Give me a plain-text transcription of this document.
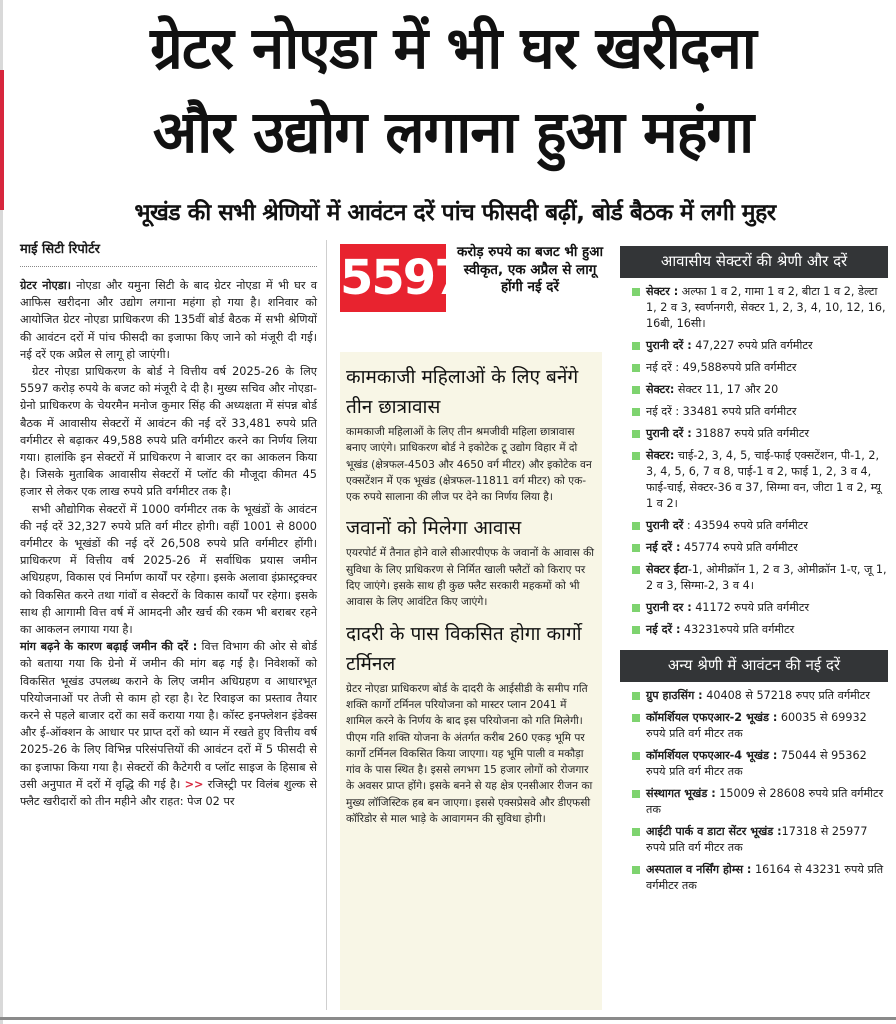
ग्रेटर नोएडा में भी घर खरीदना
और उद्योग लगाना हुआ महंगा
भूखंड की सभी श्रेणियों में आवंटन दरें पांच फीसदी बढ़ीं, बोर्ड बैठक में लगी मुहर
माई सिटी रिपोर्टर

ग्रेटर नोएडा। नोएडा और यमुना सिटी के बाद ग्रेटर नोएडा में भी घर व आफिस खरीदना और उद्योग लगाना महंगा हो गया है। शनिवार को आयोजित ग्रेटर नोएडा प्राधिकरण की 135वीं बोर्ड बैठक में सभी श्रेणियों की आवंटन दरों में पांच फीसदी का इजाफा किए जाने को मंजूरी दी गई। नई दरें एक अप्रैल से लागू हो जाएंगी।

ग्रेटर नोएडा प्राधिकरण के बोर्ड ने वित्तीय वर्ष 2025-26 के लिए 5597 करोड़ रुपये के बजट को मंजूरी दे दी है। मुख्य सचिव और नोएडा- ग्रेनो प्राधिकरण के चेयरमैन मनोज कुमार सिंह की अध्यक्षता में संपन्न बोर्ड बैठक में आवासीय सेक्टरों में आवंटन की नई दरें 33,481 रुपये प्रति वर्गमीटर से बढ़ाकर 49,588 रुपये प्रति वर्गमीटर करने का निर्णय लिया गया। हालांकि इन सेक्टरों में प्राधिकरण ने बाजार दर का आकलन किया है। जिसके मुताबिक आवासीय सेक्टरों में प्लॉट की मौजूदा कीमत 45 हजार से लेकर एक लाख रुपये प्रति वर्गमीटर तक है।

सभी औद्योगिक सेक्टरों में 1000 वर्गमीटर तक के भूखंडों के आवंटन की नई दरें 32,327 रुपये प्रति वर्ग मीटर होगी। वहीं 1001 से 8000 वर्गमीटर के भूखंडों की नई दरें 26,508 रुपये प्रति वर्गमीटर होंगी। प्राधिकरण में वित्तीय वर्ष 2025-26 में सर्वाधिक प्रयास जमीन अधिग्रहण, विकास एवं निर्माण कार्यों पर रहेगा। इसके अलावा इंफ्रास्ट्रक्चर को विकसित करने तथा गांवों व सेक्टरों के विकास कार्यों पर रहेगा। इसके साथ ही आगामी वित्त वर्ष में आमदनी और खर्च की रकम भी बराबर रहने का आकलन लगाया गया है।

मांग बढ़ने के कारण बढ़ाई जमीन की दरें : वित्त विभाग की ओर से बोर्ड को बताया गया कि ग्रेनो में जमीन की मांग बढ़ गई है। निवेशकों को विकसित भूखंड उपलब्ध कराने के लिए जमीन अधिग्रहण व आधारभूत परियोजनाओं पर तेजी से काम हो रहा है। रेट रिवाइज का प्रस्ताव तैयार करने से पहले बाजार दरों का सर्वे कराया गया है। कॉस्ट इनफ्लेशन इंडेक्स और ई-ऑक्शन के आधार पर प्राप्त दरों को ध्यान में रखते हुए वित्तीय वर्ष 2025-26 के लिए विभिन्न परिसंपत्तियों की आवंटन दरों में 5 फीसदी से का इजाफा किया गया है। सेक्टरों की कैटेगरी व प्लॉट साइज के हिसाब से उसी अनुपात में दरों में वृद्धि की गई है। >> रजिस्ट्री पर विलंब शुल्क से फ्लैट खरीदारों को तीन महीने और राहत: पेज 02 पर

5597
करोड़ रुपये का बजट भी हुआ स्वीकृत, एक अप्रैल से लागू होंगी नई दरें
कामकाजी महिलाओं के लिए बनेंगे तीन छात्रावास

कामकाजी महिलाओं के लिए तीन श्रमजीवी महिला छात्रावास बनाए जाएंगे। प्राधिकरण बोर्ड ने इकोटेक टू उद्योग विहार में दो भूखंड (क्षेत्रफल-4503 और 4650 वर्ग मीटर) और इकोटेक वन एक्सटेंशन में एक भूखंड (क्षेत्रफल-11811 वर्ग मीटर) को एक-एक रुपये सालाना की लीज पर देने का निर्णय लिया है।

जवानों को मिलेगा आवास

एयरपोर्ट में तैनात होने वाले सीआरपीएफ के जवानों के आवास की सुविधा के लिए प्राधिकरण से निर्मित खाली फ्लैटों को किराए पर दिए जाएंगे। इसके साथ ही कुछ फ्लैट सरकारी महकमों को भी आवास के लिए आवंटित किए जाएंगे।

दादरी के पास विकसित होगा कार्गो टर्मिनल

ग्रेटर नोएडा प्राधिकरण बोर्ड के दादरी के आईसीडी के समीप गति शक्ति कार्गो टर्मिनल परियोजना को मास्टर प्लान 2041 में शामिल करने के निर्णय के बाद इस परियोजना को गति मिलेगी। पीएम गति शक्ति योजना के अंतर्गत करीब 260 एकड़ भूमि पर कार्गो टर्मिनल विकसित किया जाएगा। यह भूमि पाली व मकौड़ा गांव के पास स्थित है। इससे लगभग 15 हजार लोगों को रोजगार के अवसर प्राप्त होंगे। इसके बनने से यह क्षेत्र एनसीआर रीजन का मुख्य लॉजिस्टिक हब बन जाएगा। इससे एक्सप्रेसवे और डीएफसी कॉरिडोर से माल भाड़े के आवागमन की सुविधा होगी।

आवासीय सेक्टरों की श्रेणी और दरें
सेक्टर : अल्फा 1 व 2, गामा 1 व 2, बीटा 1 व 2, डेल्टा 1, 2 व 3, स्वर्णनगरी, सेक्टर 1, 2, 3, 4, 10, 12, 16, 16बी, 16सी।
पुरानी दरें : 47,227 रुपये प्रति वर्गमीटर
नई दरें : 49,588रुपये प्रति वर्गमीटर
सेक्टर: सेक्टर 11, 17 और 20
नई दरें : 33481 रुपये प्रति वर्गमीटर
पुरानी दरें : 31887 रुपये प्रति वर्गमीटर
सेक्टर: चाई-2, 3, 4, 5, चाई-फाई एक्सटेंशन, पी-1, 2, 3, 4, 5, 6, 7 व 8, पाई-1 व 2, फाई 1, 2, 3 व 4, फाई-चाई, सेक्टर-36 व 37, सिग्मा वन, जीटा 1 व 2, म्यू 1 व 2।
पुरानी दरें : 43594 रुपये प्रति वर्गमीटर
नई दरें : 45774 रुपये प्रति वर्गमीटर
सेक्टर ईटा-1, ओमीक्रॉन 1, 2 व 3, ओमीक्रॉन 1-ए, जू 1, 2 व 3, सिग्मा-2, 3 व 4।
पुरानी दर : 41172 रुपये प्रति वर्गमीटर
नई दरें : 43231रुपये प्रति वर्गमीटर
अन्य श्रेणी में आवंटन की नई दरें
ग्रुप हाउसिंग : 40408 से 57218 रुपए प्रति वर्गमीटर
कॉमर्शियल एफएआर-2 भूखंड : 60035 से 69932 रुपये प्रति वर्ग मीटर तक
कॉमर्शियल एफएआर-4 भूखंड : 75044 से 95362 रुपये प्रति वर्ग मीटर तक
संस्थागत भूखंड : 15009 से 28608 रुपये प्रति वर्गमीटर तक
आईटी पार्क व डाटा सेंटर भूखंड :17318 से 25977 रुपये प्रति वर्ग मीटर तक
अस्पताल व नर्सिंग होम्स : 16164 से 43231 रुपये प्रति वर्गमीटर तक
